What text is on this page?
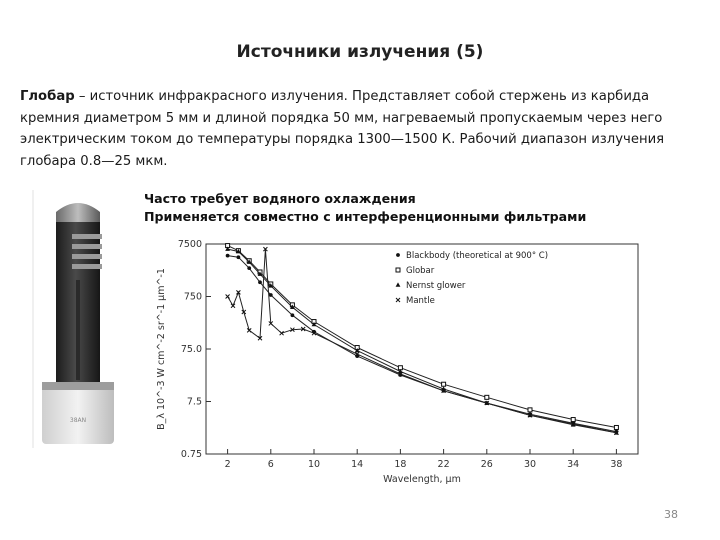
Источники излучения (5)
Глобар – источник инфракрасного излучения. Представляет собой стержень из карбида кремния диаметром 5 мм и длиной порядка 50 мм, нагреваемый пропускаемым через него электрическим током до температуры порядка 1300—1500 К. Рабочий диапазон излучения глобара 0.8—25 мкм.
Часто требует водяного охлаждения
Применяется совместно с интерференционными фильтрами
38AN
2	6	10	14	18	22	26	30	34	38
0.75
7.5
75.0
750
7500
Wavelength, μm
B_λ 10^-3 W cm^-2 sr^-1 μm^-1
Blackbody (theoretical at 900° C)
Globar
Nernst glower
Mantle
38
